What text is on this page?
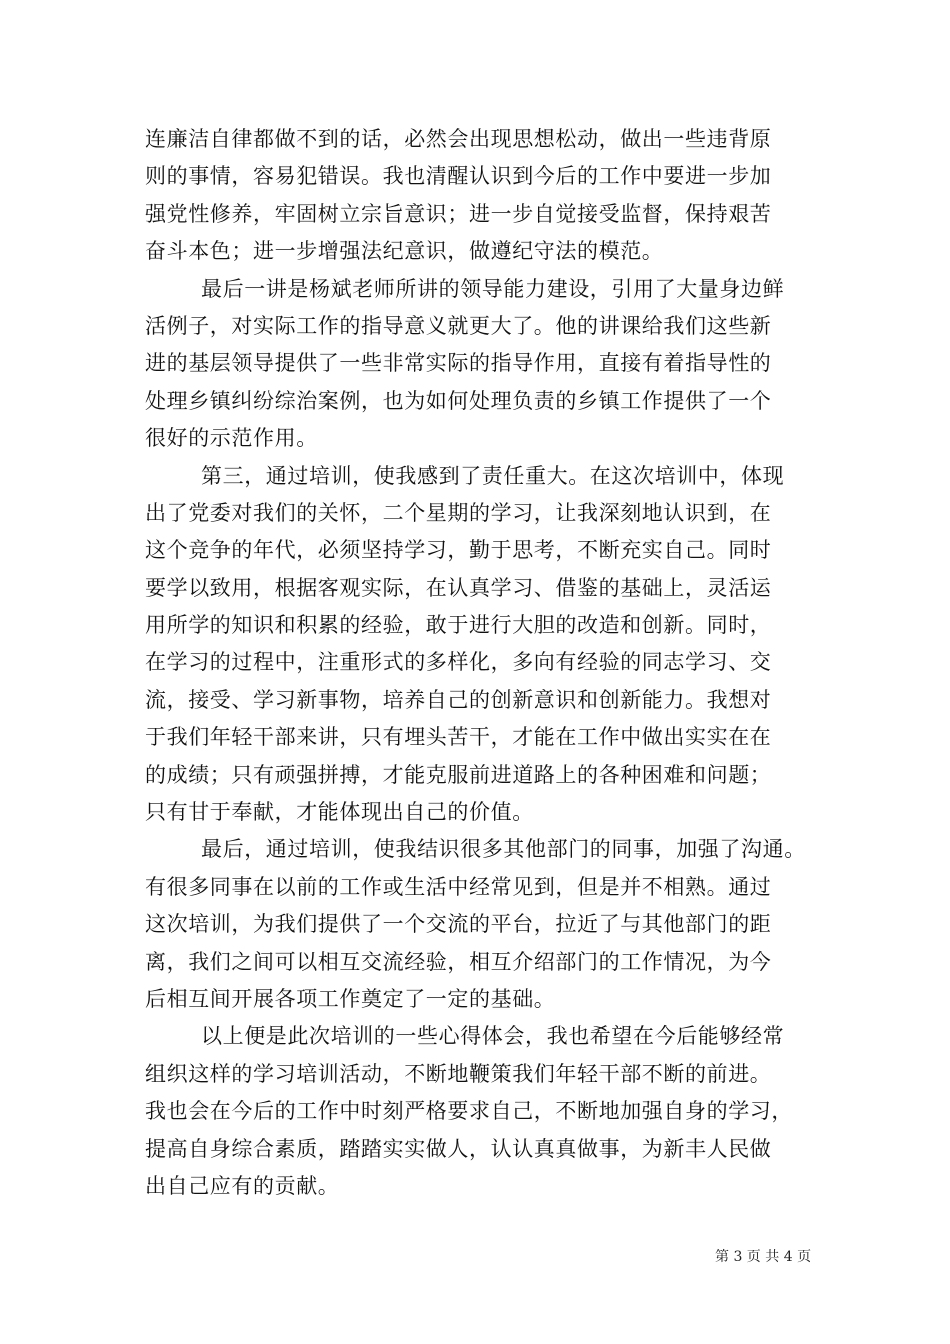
连廉洁自律都做不到的话，必然会出现思想松动，做出一些违背原
则的事情，容易犯错误。我也清醒认识到今后的工作中要进一步加
强党性修养，牢固树立宗旨意识；进一步自觉接受监督，保持艰苦
奋斗本色；进一步增强法纪意识，做遵纪守法的模范。

最后一讲是杨斌老师所讲的领导能力建设，引用了大量身边鲜
活例子，对实际工作的指导意义就更大了。他的讲课给我们这些新
进的基层领导提供了一些非常实际的指导作用，直接有着指导性的
处理乡镇纠纷综治案例，也为如何处理负责的乡镇工作提供了一个
很好的示范作用。

第三，通过培训，使我感到了责任重大。在这次培训中，体现
出了党委对我们的关怀，二个星期的学习，让我深刻地认识到，在
这个竞争的年代，必须坚持学习，勤于思考，不断充实自己。同时
要学以致用，根据客观实际，在认真学习、借鉴的基础上，灵活运
用所学的知识和积累的经验，敢于进行大胆的改造和创新。同时，
在学习的过程中，注重形式的多样化，多向有经验的同志学习、交
流，接受、学习新事物，培养自己的创新意识和创新能力。我想对
于我们年轻干部来讲，只有埋头苦干，才能在工作中做出实实在在
的成绩；只有顽强拼搏，才能克服前进道路上的各种困难和问题；
只有甘于奉献，才能体现出自己的价值。

最后，通过培训，使我结识很多其他部门的同事，加强了沟通。
有很多同事在以前的工作或生活中经常见到，但是并不相熟。通过
这次培训，为我们提供了一个交流的平台，拉近了与其他部门的距
离，我们之间可以相互交流经验，相互介绍部门的工作情况，为今
后相互间开展各项工作奠定了一定的基础。

以上便是此次培训的一些心得体会，我也希望在今后能够经常
组织这样的学习培训活动，不断地鞭策我们年轻干部不断的前进。
我也会在今后的工作中时刻严格要求自己，不断地加强自身的学习，
提高自身综合素质，踏踏实实做人，认认真真做事，为新丰人民做
出自己应有的贡献。

第 3 页 共 4 页
